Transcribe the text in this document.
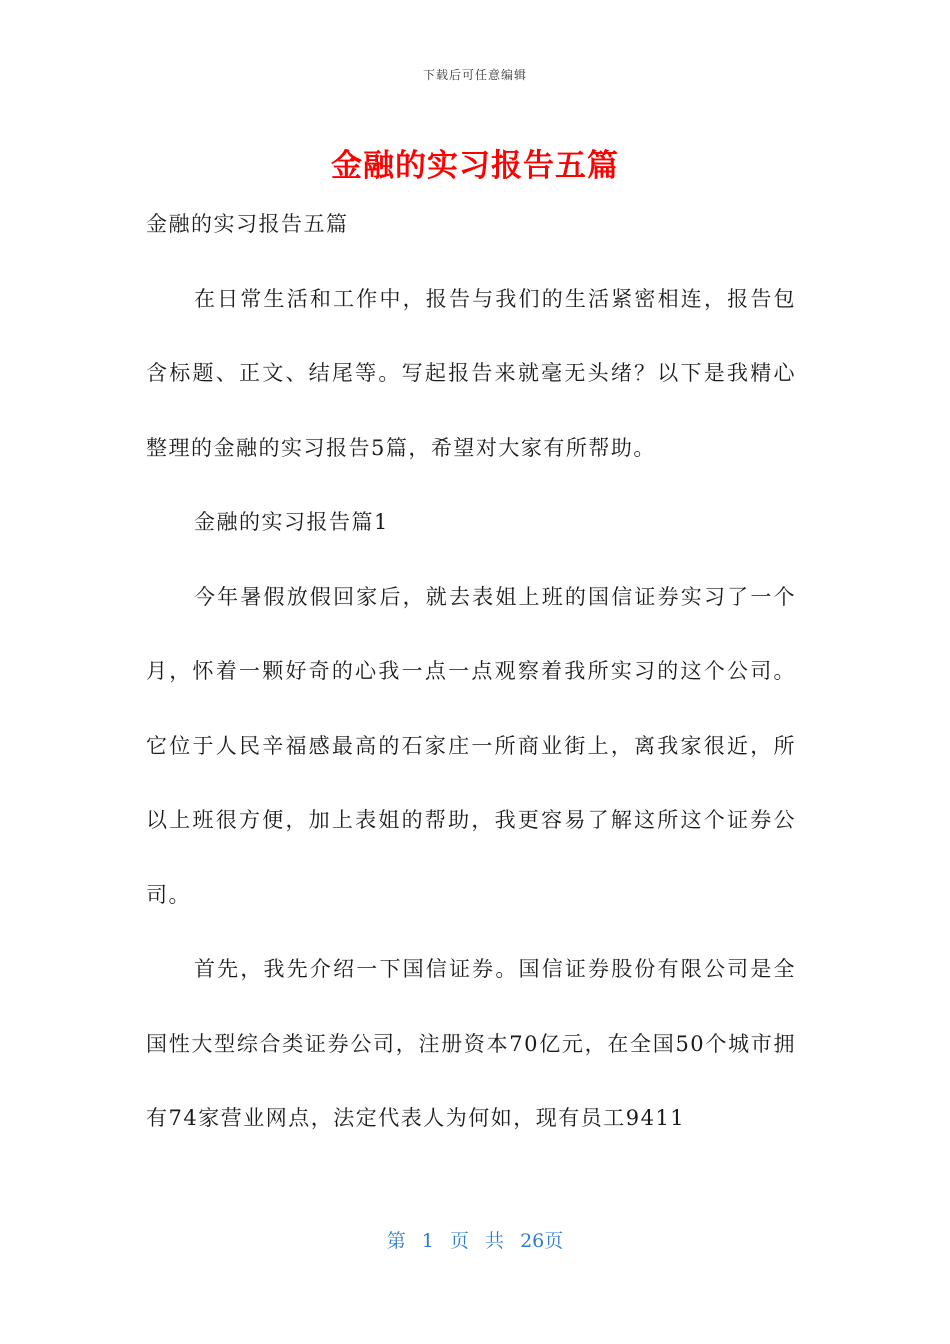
下载后可任意编辑
金融的实习报告五篇

金融的实习报告五篇

在日常生活和工作中，报告与我们的生活紧密相连，报告包含标题、正文、结尾等。写起报告来就毫无头绪？以下是我精心整理的金融的实习报告5篇，希望对大家有所帮助。

金融的实习报告篇1

今年暑假放假回家后，就去表姐上班的国信证券实习了一个月，怀着一颗好奇的心我一点一点观察着我所实习的这个公司。它位于人民辛福感最高的石家庄一所商业街上，离我家很近，所以上班很方便，加上表姐的帮助，我更容易了解这所这个证券公司。

首先，我先介绍一下国信证券。国信证券股份有限公司是全国性大型综合类证券公司，注册资本70亿元，在全国50个城市拥有74家营业网点，法定代表人为何如，现有员工9411

第 1 页 共 26页
